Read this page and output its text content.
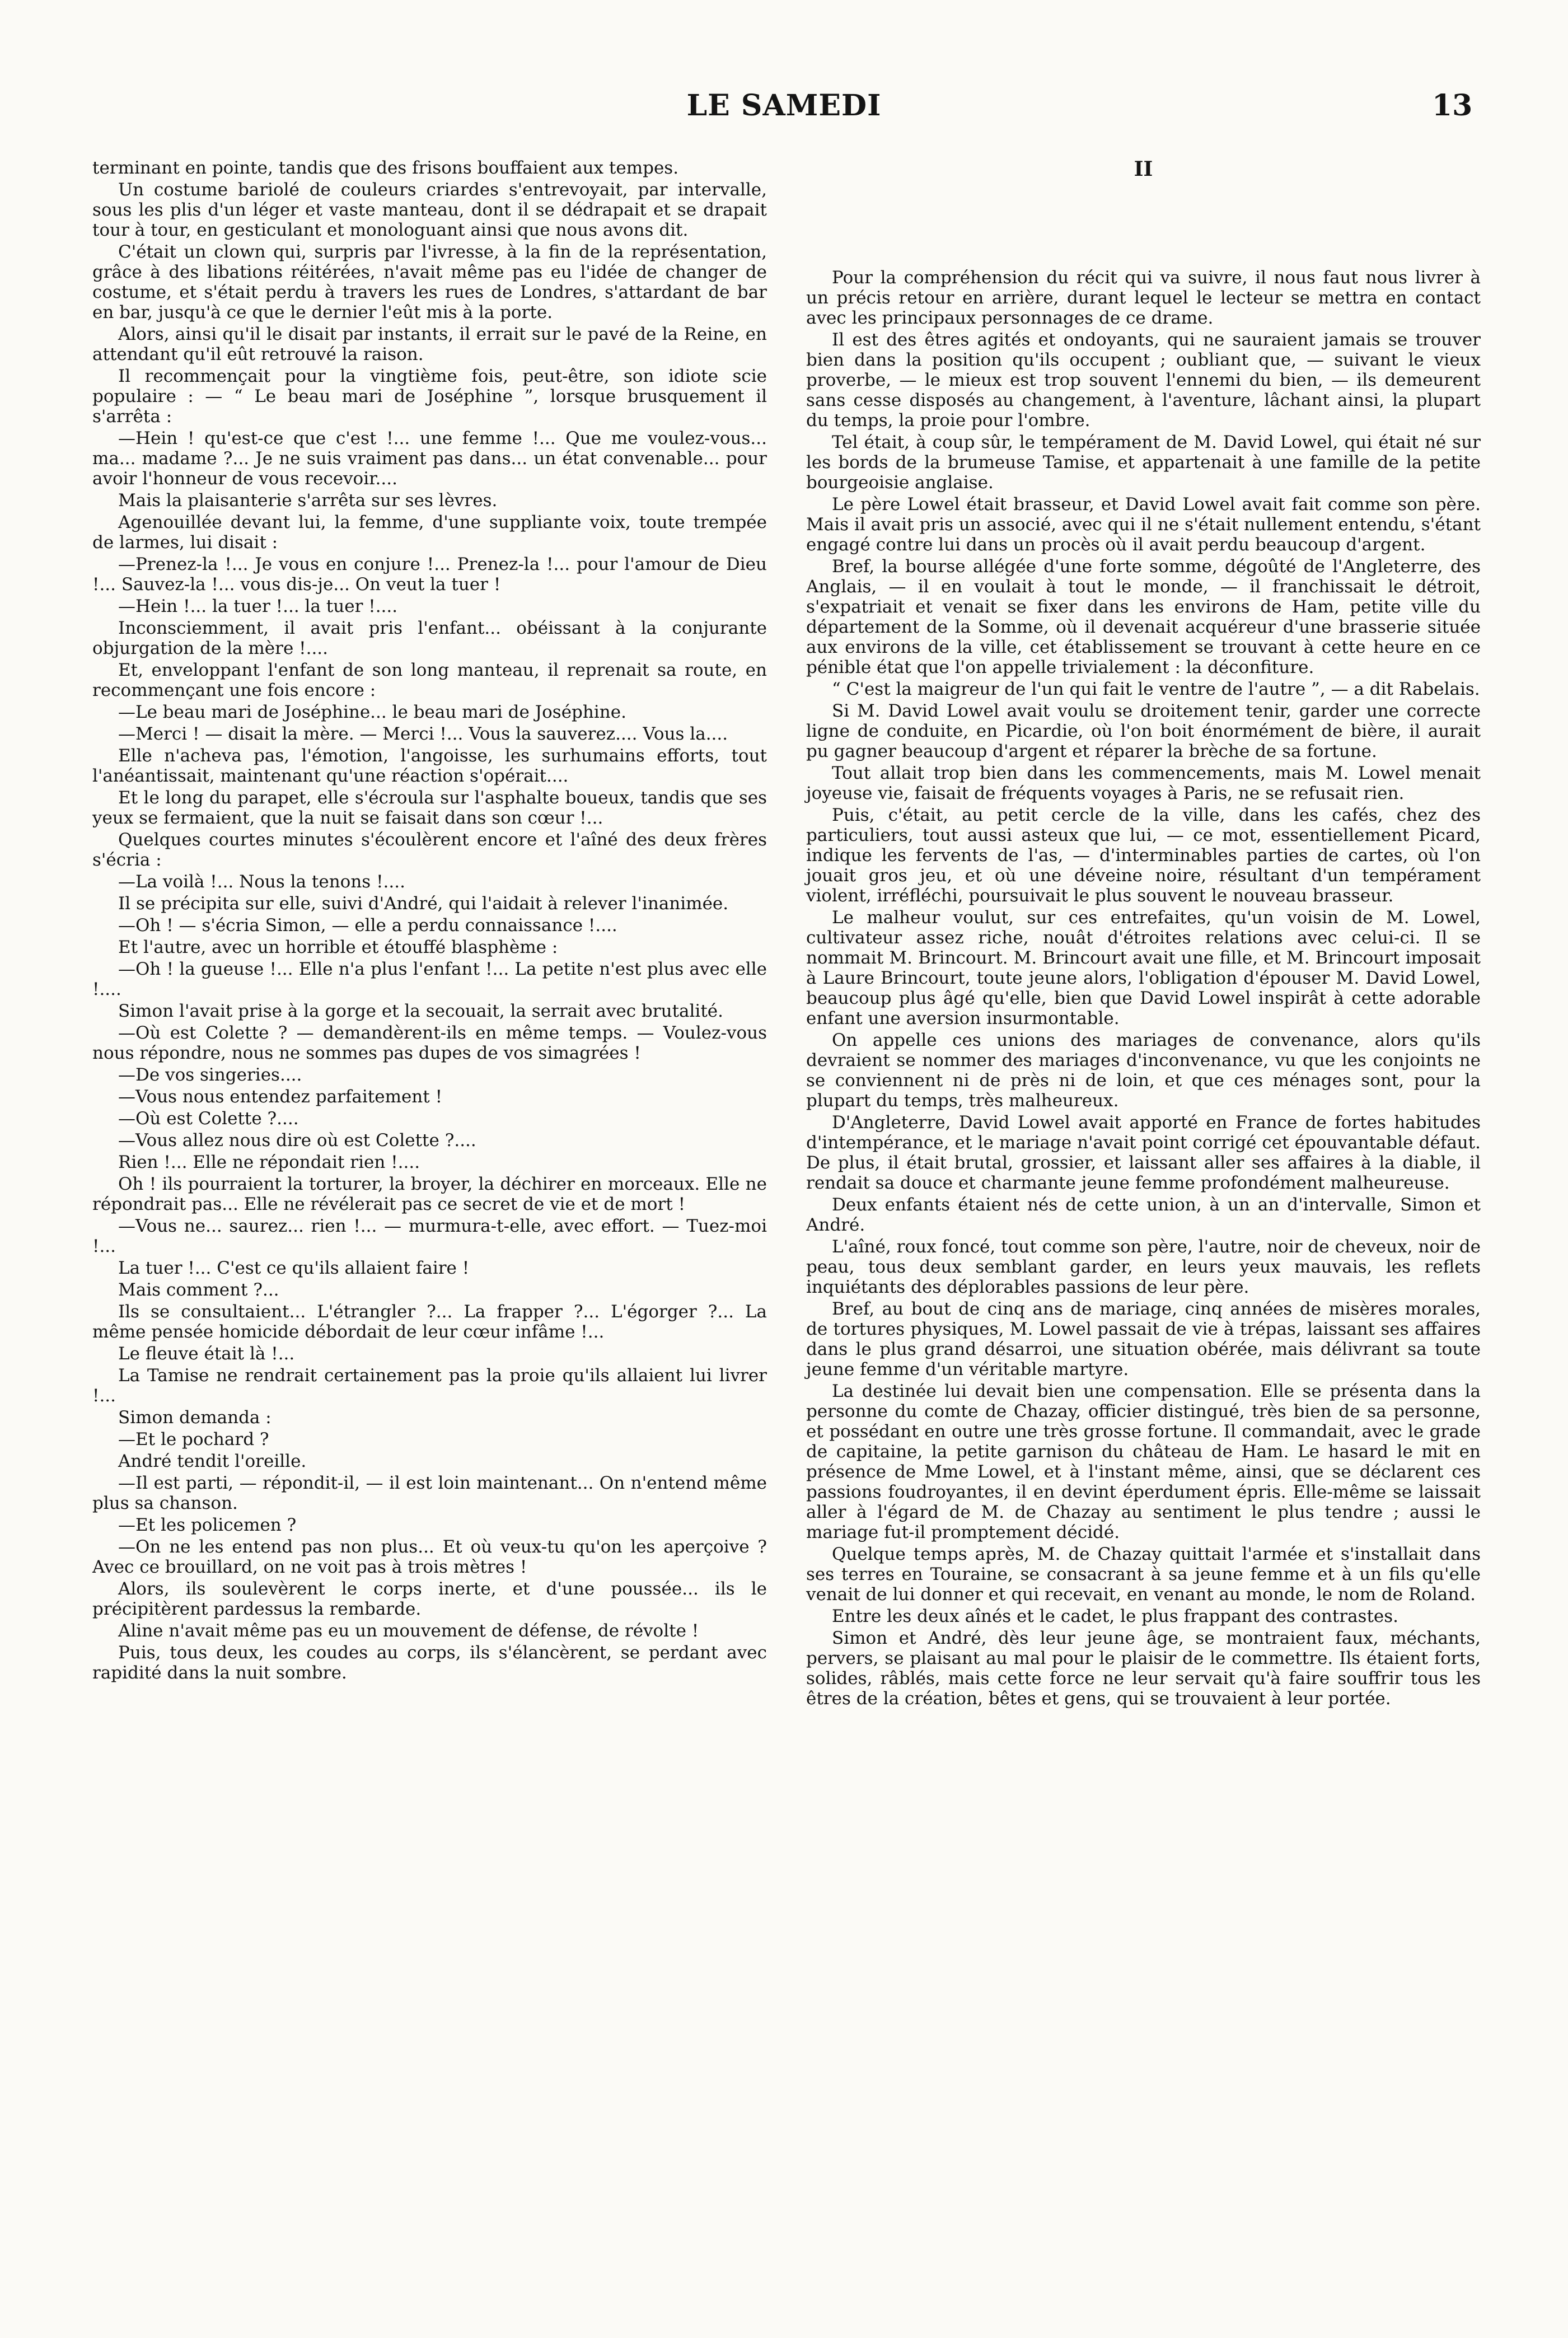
LE SAMEDI	13

terminant en pointe, tandis que des frisons bouffaient aux tempes.

Un costume bariolé de couleurs criardes s'entrevoyait, par intervalle, sous les plis d'un léger et vaste manteau, dont il se dédrapait et se drapait tour à tour, en gesticulant et monologuant ainsi que nous avons dit.

C'était un clown qui, surpris par l'ivresse, à la fin de la représentation, grâce à des libations réitérées, n'avait même pas eu l'idée de changer de costume, et s'était perdu à travers les rues de Londres, s'attardant de bar en bar, jusqu'à ce que le dernier l'eût mis à la porte.

Alors, ainsi qu'il le disait par instants, il errait sur le pavé de la Reine, en attendant qu'il eût retrouvé la raison.

Il recommençait pour la vingtième fois, peut-être, son idiote scie populaire : — “ Le beau mari de Joséphine ”, lorsque brusquement il s'arrêta :

—Hein ! qu'est-ce que c'est !... une femme !... Que me voulez-vous... ma... madame ?... Je ne suis vraiment pas dans... un état convenable... pour avoir l'honneur de vous recevoir....

Mais la plaisanterie s'arrêta sur ses lèvres.

Agenouillée devant lui, la femme, d'une suppliante voix, toute trempée de larmes, lui disait :

—Prenez-la !... Je vous en conjure !... Prenez-la !... pour l'amour de Dieu !... Sauvez-la !... vous dis-je... On veut la tuer !

—Hein !... la tuer !... la tuer !....

Inconsciemment, il avait pris l'enfant... obéissant à la conjurante objurgation de la mère !....

Et, enveloppant l'enfant de son long manteau, il reprenait sa route, en recommençant une fois encore :

—Le beau mari de Joséphine... le beau mari de Joséphine.

—Merci ! — disait la mère. — Merci !... Vous la sauverez.... Vous la....

Elle n'acheva pas, l'émotion, l'angoisse, les surhumains efforts, tout l'anéantissait, maintenant qu'une réaction s'opérait....

Et le long du parapet, elle s'écroula sur l'asphalte boueux, tandis que ses yeux se fermaient, que la nuit se faisait dans son cœur !...

Quelques courtes minutes s'écoulèrent encore et l'aîné des deux frères s'écria :

—La voilà !... Nous la tenons !....

Il se précipita sur elle, suivi d'André, qui l'aidait à relever l'inanimée.

—Oh ! — s'écria Simon, — elle a perdu connaissance !....

Et l'autre, avec un horrible et étouffé blasphème :

—Oh ! la gueuse !... Elle n'a plus l'enfant !... La petite n'est plus avec elle !....

Simon l'avait prise à la gorge et la secouait, la serrait avec brutalité.

—Où est Colette ? — demandèrent-ils en même temps. — Voulez-vous nous répondre, nous ne sommes pas dupes de vos simagrées !

—De vos singeries....

—Vous nous entendez parfaitement !

—Où est Colette ?....

—Vous allez nous dire où est Colette ?....

Rien !... Elle ne répondait rien !....

Oh ! ils pourraient la torturer, la broyer, la déchirer en morceaux. Elle ne répondrait pas... Elle ne révélerait pas ce secret de vie et de mort !

—Vous ne... saurez... rien !... — murmura-t-elle, avec effort. — Tuez-moi !...

La tuer !... C'est ce qu'ils allaient faire !

Mais comment ?...

Ils se consultaient... L'étrangler ?... La frapper ?... L'égorger ?... La même pensée homicide débordait de leur cœur infâme !...

Le fleuve était là !...

La Tamise ne rendrait certainement pas la proie qu'ils allaient lui livrer !...

Simon demanda :

—Et le pochard ?

André tendit l'oreille.

—Il est parti, — répondit-il, — il est loin maintenant... On n'entend même plus sa chanson.

—Et les policemen ?

—On ne les entend pas non plus... Et où veux-tu qu'on les aperçoive ? Avec ce brouillard, on ne voit pas à trois mètres !

Alors, ils soulevèrent le corps inerte, et d'une poussée... ils le précipitèrent pardessus la rembarde.

Aline n'avait même pas eu un mouvement de défense, de révolte !

Puis, tous deux, les coudes au corps, ils s'élancèrent, se perdant avec rapidité dans la nuit sombre.

II

Pour la compréhension du récit qui va suivre, il nous faut nous livrer à un précis retour en arrière, durant lequel le lecteur se mettra en contact avec les principaux personnages de ce drame.

Il est des êtres agités et ondoyants, qui ne sauraient jamais se trouver bien dans la position qu'ils occupent ; oubliant que, — suivant le vieux proverbe, — le mieux est trop souvent l'ennemi du bien, — ils demeurent sans cesse disposés au changement, à l'aventure, lâchant ainsi, la plupart du temps, la proie pour l'ombre.

Tel était, à coup sûr, le tempérament de M. David Lowel, qui était né sur les bords de la brumeuse Tamise, et appartenait à une famille de la petite bourgeoisie anglaise.

Le père Lowel était brasseur, et David Lowel avait fait comme son père. Mais il avait pris un associé, avec qui il ne s'était nullement entendu, s'étant engagé contre lui dans un procès où il avait perdu beaucoup d'argent.

Bref, la bourse allégée d'une forte somme, dégoûté de l'Angleterre, des Anglais, — il en voulait à tout le monde, — il franchissait le détroit, s'expatriait et venait se fixer dans les environs de Ham, petite ville du département de la Somme, où il devenait acquéreur d'une brasserie située aux environs de la ville, cet établissement se trouvant à cette heure en ce pénible état que l'on appelle trivialement : la déconfiture.

“ C'est la maigreur de l'un qui fait le ventre de l'autre ”, — a dit Rabelais.

Si M. David Lowel avait voulu se droitement tenir, garder une correcte ligne de conduite, en Picardie, où l'on boit énormément de bière, il aurait pu gagner beaucoup d'argent et réparer la brèche de sa fortune.

Tout allait trop bien dans les commencements, mais M. Lowel menait joyeuse vie, faisait de fréquents voyages à Paris, ne se refusait rien.

Puis, c'était, au petit cercle de la ville, dans les cafés, chez des particuliers, tout aussi asteux que lui, — ce mot, essentiellement Picard, indique les fervents de l'as, — d'interminables parties de cartes, où l'on jouait gros jeu, et où une déveine noire, résultant d'un tempérament violent, irréfléchi, poursuivait le plus souvent le nouveau brasseur.

Le malheur voulut, sur ces entrefaites, qu'un voisin de M. Lowel, cultivateur assez riche, nouât d'étroites relations avec celui-ci. Il se nommait M. Brincourt. M. Brincourt avait une fille, et M. Brincourt imposait à Laure Brincourt, toute jeune alors, l'obligation d'épouser M. David Lowel, beaucoup plus âgé qu'elle, bien que David Lowel inspirât à cette adorable enfant une aversion insurmontable.

On appelle ces unions des mariages de convenance, alors qu'ils devraient se nommer des mariages d'inconvenance, vu que les conjoints ne se conviennent ni de près ni de loin, et que ces ménages sont, pour la plupart du temps, très malheureux.

D'Angleterre, David Lowel avait apporté en France de fortes habitudes d'intempérance, et le mariage n'avait point corrigé cet épouvantable défaut. De plus, il était brutal, grossier, et laissant aller ses affaires à la diable, il rendait sa douce et charmante jeune femme profondément malheureuse.

Deux enfants étaient nés de cette union, à un an d'intervalle, Simon et André.

L'aîné, roux foncé, tout comme son père, l'autre, noir de cheveux, noir de peau, tous deux semblant garder, en leurs yeux mauvais, les reflets inquiétants des déplorables passions de leur père.

Bref, au bout de cinq ans de mariage, cinq années de misères morales, de tortures physiques, M. Lowel passait de vie à trépas, laissant ses affaires dans le plus grand désarroi, une situation obérée, mais délivrant sa toute jeune femme d'un véritable martyre.

La destinée lui devait bien une compensation. Elle se présenta dans la personne du comte de Chazay, officier distingué, très bien de sa personne, et possédant en outre une très grosse fortune. Il commandait, avec le grade de capitaine, la petite garnison du château de Ham. Le hasard le mit en présence de Mme Lowel, et à l'instant même, ainsi, que se déclarent ces passions foudroyantes, il en devint éperdument épris. Elle-même se laissait aller à l'égard de M. de Chazay au sentiment le plus tendre ; aussi le mariage fut-il promptement décidé.

Quelque temps après, M. de Chazay quittait l'armée et s'installait dans ses terres en Touraine, se consacrant à sa jeune femme et à un fils qu'elle venait de lui donner et qui recevait, en venant au monde, le nom de Roland.

Entre les deux aînés et le cadet, le plus frappant des contrastes.

Simon et André, dès leur jeune âge, se montraient faux, méchants, pervers, se plaisant au mal pour le plaisir de le commettre. Ils étaient forts, solides, râblés, mais cette force ne leur servait qu'à faire souffrir tous les êtres de la création, bêtes et gens, qui se trouvaient à leur portée.
